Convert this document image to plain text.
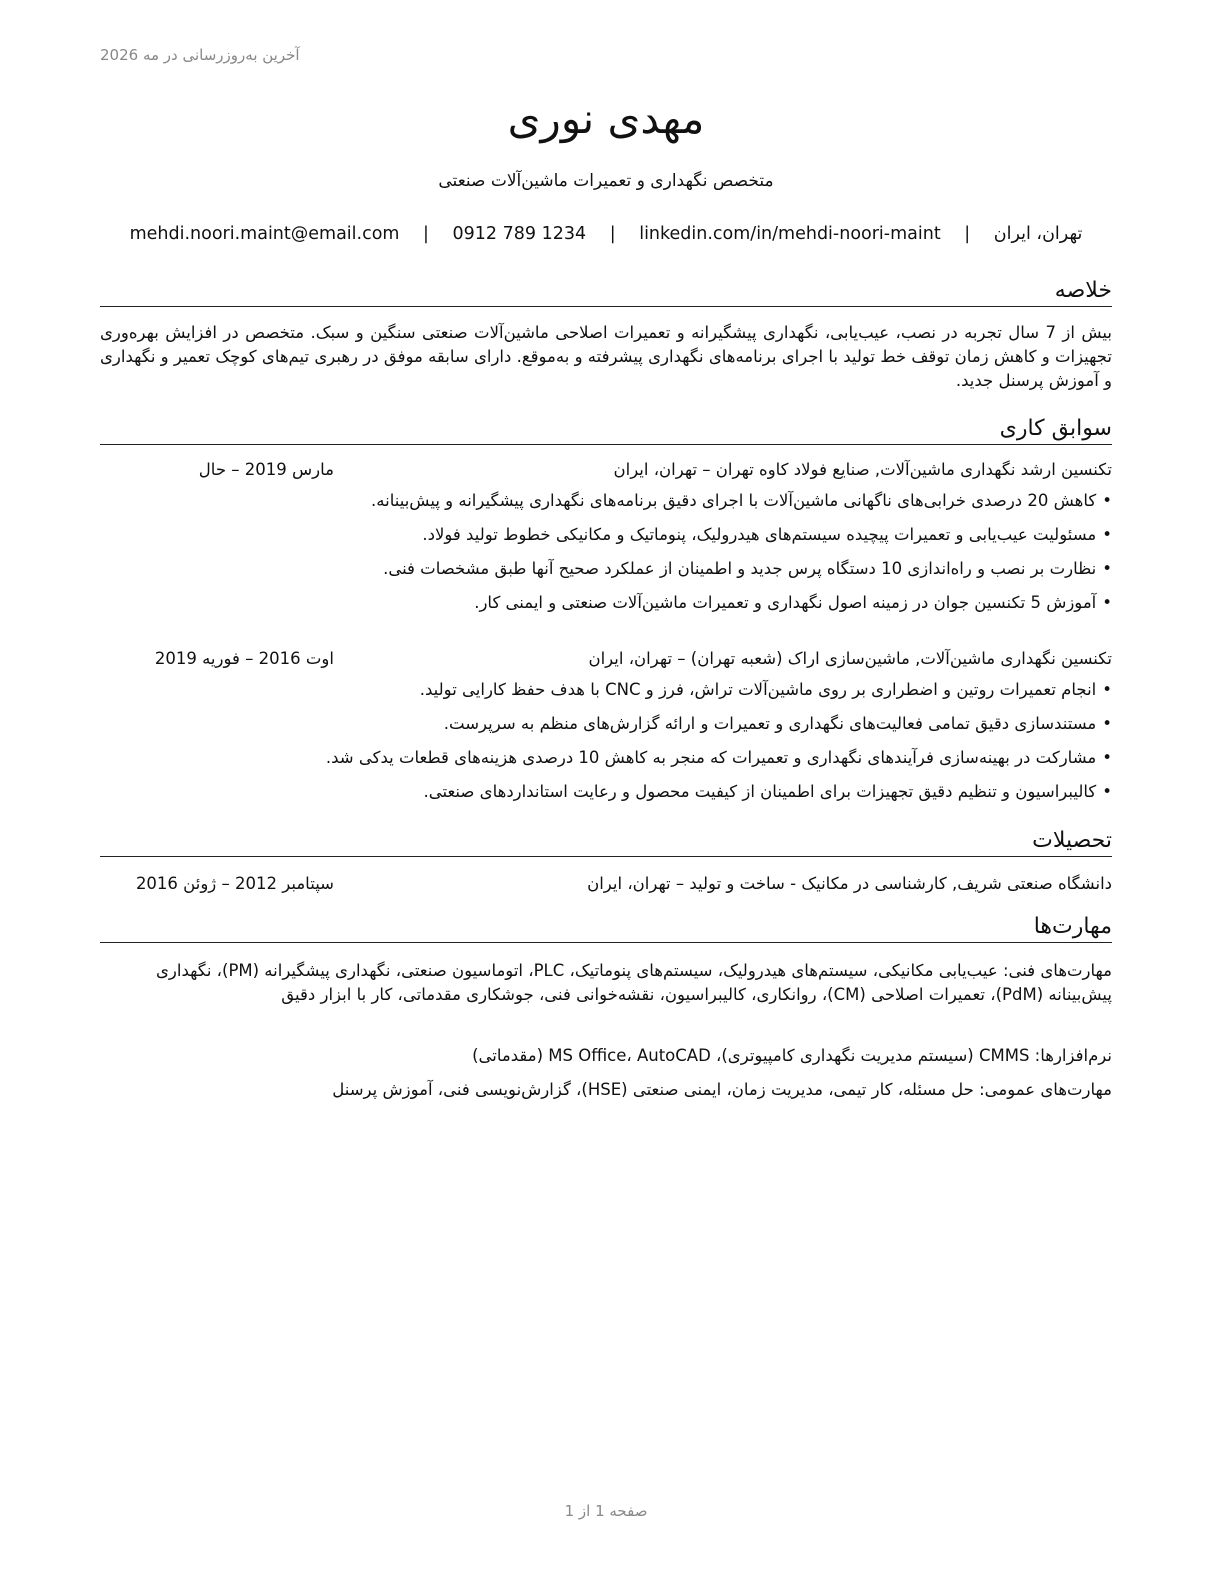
آخرین به‌روزرسانی در مه 2026
مهدی نوری
متخصص نگهداری و تعمیرات ماشین‌آلات صنعتی
تهران، ایران | mehdi.noori.maint@email.com | 0912 789 1234 | linkedin.com/in/mehdi-noori-maint
خلاصه
بیش از 7 سال تجربه در نصب، عیب‌یابی، نگهداری پیشگیرانه و تعمیرات اصلاحی ماشین‌آلات صنعتی سنگین و سبک. متخصص در افزایش بهره‌وری تجهیزات و کاهش زمان توقف خط تولید با اجرای برنامه‌های نگهداری پیشرفته و به‌موقع. دارای سابقه موفق در رهبری تیم‌های کوچک تعمیر و نگهداری و آموزش پرسنل جدید.
سوابق کاری
تکنسین ارشد نگهداری ماشین‌آلات, صنایع فولاد کاوه تهران – تهران، ایران
مارس 2019 – حال
• کاهش 20 درصدی خرابی‌های ناگهانی ماشین‌آلات با اجرای دقیق برنامه‌های نگهداری پیشگیرانه و پیش‌بینانه.
• مسئولیت عیب‌یابی و تعمیرات پیچیده سیستم‌های هیدرولیک، پنوماتیک و مکانیکی خطوط تولید فولاد.
• نظارت بر نصب و راه‌اندازی 10 دستگاه پرس جدید و اطمینان از عملکرد صحیح آنها طبق مشخصات فنی.
• آموزش 5 تکنسین جوان در زمینه اصول نگهداری و تعمیرات ماشین‌آلات صنعتی و ایمنی کار.
تکنسین نگهداری ماشین‌آلات, ماشین‌سازی اراک (شعبه تهران) – تهران، ایران
اوت 2016 – فوریه 2019
• انجام تعمیرات روتین و اضطراری بر روی ماشین‌آلات تراش، فرز و CNC با هدف حفظ کارایی تولید.
• مستندسازی دقیق تمامی فعالیت‌های نگهداری و تعمیرات و ارائه گزارش‌های منظم به سرپرست.
• مشارکت در بهینه‌سازی فرآیندهای نگهداری و تعمیرات که منجر به کاهش 10 درصدی هزینه‌های قطعات یدکی شد.
• کالیبراسیون و تنظیم دقیق تجهیزات برای اطمینان از کیفیت محصول و رعایت استانداردهای صنعتی.
تحصیلات
دانشگاه صنعتی شریف, کارشناسی در مکانیک - ساخت و تولید – تهران، ایران
سپتامبر 2012 – ژوئن 2016
مهارت‌ها
مهارت‌های فنی: عیب‌یابی مکانیکی، سیستم‌های هیدرولیک، سیستم‌های پنوماتیک، PLC، اتوماسیون صنعتی، نگهداری پیشگیرانه (PM)، نگهداری پیش‌بینانه (PdM)، تعمیرات اصلاحی (CM)، روانکاری، کالیبراسیون، نقشه‌خوانی فنی، جوشکاری مقدماتی، کار با ابزار دقیق
نرم‌افزارها: CMMS (سیستم مدیریت نگهداری کامپیوتری)، MS Office، AutoCAD (مقدماتی)
مهارت‌های عمومی: حل مسئله، کار تیمی، مدیریت زمان، ایمنی صنعتی (HSE)، گزارش‌نویسی فنی، آموزش پرسنل
صفحه 1 از 1
